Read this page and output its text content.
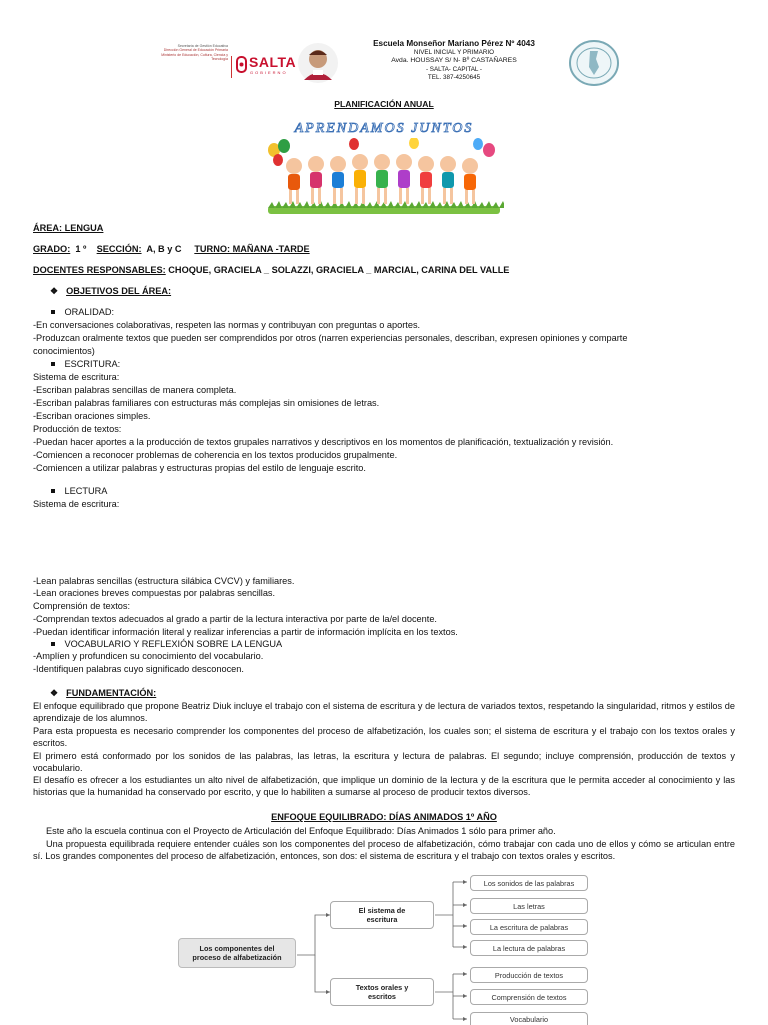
Secretaría de Gestión Educativa
Dirección General de Educación Primaria
Ministerio de Educación, Cultura, Ciencia y Tecnología SALTA
GOBIERNO
Escuela Monseñor Mariano Pérez Nº 4043
NIVEL INICIAL Y PRIMARIO
Avda. HOUSSAY S/ N- Bº CASTAÑARES
- SALTA- CAPITAL -
TEL. 387-4250645
PLANIFICACIÓN ANUAL
APRENDAMOS JUNTOS
ÁREA: LENGUA
GRADO: 1 º SECCIÓN: A, B y C TURNO: MAÑANA -TARDE
DOCENTES RESPONSABLES: CHOQUE, GRACIELA _ SOLAZZI, GRACIELA _ MARCIAL, CARINA DEL VALLE
❖ OBJETIVOS DEL ÁREA:
ORALIDAD:
-En conversaciones colaborativas, respeten las normas y contribuyan con preguntas o aportes.
-Produzcan oralmente textos que pueden ser comprendidos por otros (narren experiencias personales, describan, expresen opiniones y comparte
conocimientos)
ESCRITURA:
Sistema de escritura:
-Escriban palabras sencillas de manera completa.
-Escriban palabras familiares con estructuras más complejas sin omisiones de letras.
-Escriban oraciones simples.
Producción de textos:
-Puedan hacer aportes a la producción de textos grupales narrativos y descriptivos en los momentos de planificación, textualización y revisión.
-Comiencen a reconocer problemas de coherencia en los textos producidos grupalmente.
-Comiencen a utilizar palabras y estructuras propias del estilo de lenguaje escrito.
LECTURA
Sistema de escritura:
-Lean palabras sencillas (estructura silábica CVCV) y familiares.
-Lean oraciones breves compuestas por palabras sencillas.
Comprensión de textos:
-Comprendan textos adecuados al grado a partir de la lectura interactiva por parte de la/el docente.
-Puedan identificar información literal y realizar inferencias a partir de información implícita en los textos.
VOCABULARIO Y REFLEXIÓN SOBRE LA LENGUA
-Amplíen y profundicen su conocimiento del vocabulario.
-Identifiquen palabras cuyo significado desconocen.
❖ FUNDAMENTACIÓN:
El enfoque equilibrado que propone Beatriz Diuk incluye el trabajo con el sistema de escritura y de lectura de variados textos, respetando la singularidad, ritmos y estilos de aprendizaje de los alumnos.
Para esta propuesta es necesario comprender los componentes del proceso de alfabetización, los cuales son; el sistema de escritura y el trabajo con los textos orales y escritos.
El primero está conformado por los sonidos de las palabras, las letras, la escritura y lectura de palabras. El segundo; incluye comprensión, producción de textos y vocabulario.
El desafío es ofrecer a los estudiantes un alto nivel de alfabetización, que implique un dominio de la lectura y de la escritura que le permita acceder al conocimiento y las historias que la humanidad ha conservado por escrito, y que lo habiliten a sumarse al proceso de producir textos diversos.
ENFOQUE EQUILIBRADO: DÍAS ANIMADOS 1º AÑO
Este año la escuela continua con el Proyecto de Articulación del Enfoque Equilibrado: Días Animados 1 sólo para primer año.
Una propuesta equilibrada requiere entender cuáles son los componentes del proceso de alfabetización, cómo trabajar con cada uno de ellos y cómo se articulan entre sí. Los grandes componentes del proceso de alfabetización, entonces, son dos: el sistema de escritura y el trabajo con textos orales y escritos.
Los componentes del proceso de alfabetización
El sistema de escritura
Textos orales y escritos
Los sonidos de las palabras
Las letras
La escritura de palabras
La lectura de palabras
Producción de textos
Comprensión de textos
Vocabulario
